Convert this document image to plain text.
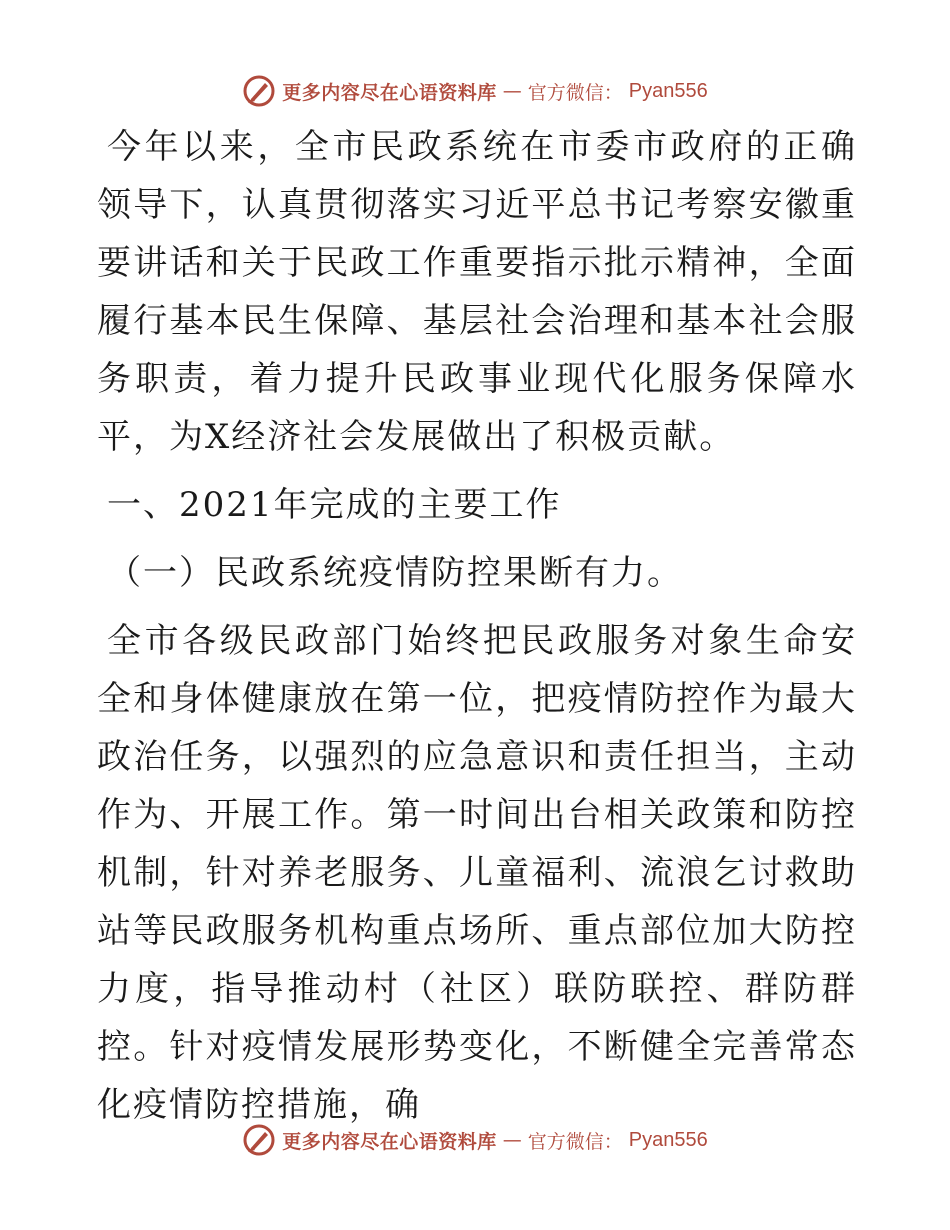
更多内容尽在心语资料库 — 官方微信： Pyan556

今年以来，全市民政系统在市委市政府的正确领导下，认真贯彻落实习近平总书记考察安徽重要讲话和关于民政工作重要指示批示精神，全面履行基本民生保障、基层社会治理和基本社会服务职责，着力提升民政事业现代化服务保障水平，为X经济社会发展做出了积极贡献。

一、2021年完成的主要工作

（一）民政系统疫情防控果断有力。

全市各级民政部门始终把民政服务对象生命安全和身体健康放在第一位，把疫情防控作为最大政治任务，以强烈的应急意识和责任担当，主动作为、开展工作。第一时间出台相关政策和防控机制，针对养老服务、儿童福利、流浪乞讨救助站等民政服务机构重点场所、重点部位加大防控力度，指导推动村（社区）联防联控、群防群控。针对疫情发展形势变化，不断健全完善常态化疫情防控措施，确

更多内容尽在心语资料库 — 官方微信： Pyan556
